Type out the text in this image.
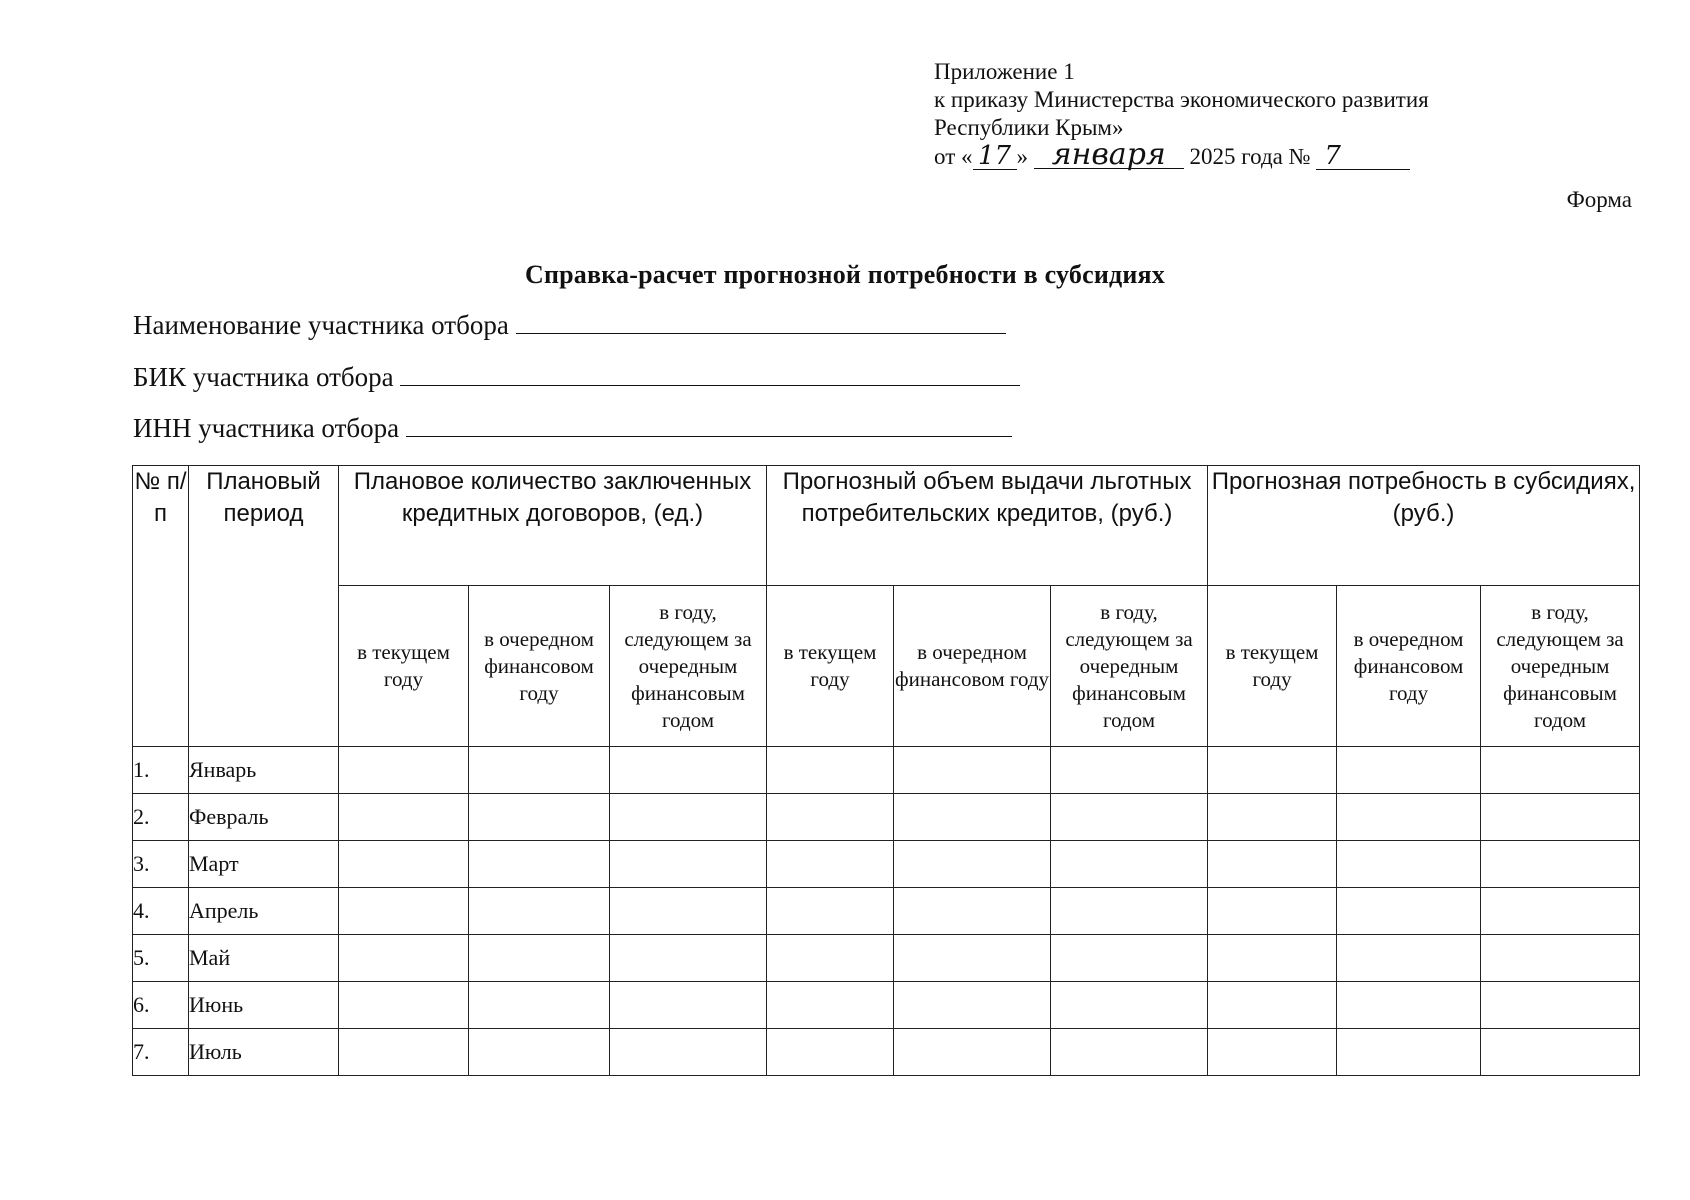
Приложение 1
к приказу Министерства экономического развития
Республики Крым»
от « 17 » января 2025 года № 7
Форма
Справка-расчет прогнозной потребности в субсидиях
Наименование участника отбора
БИК участника отбора
ИНН участника отбора
№ п/п	Плановый период	Плановое количество заключенных кредитных договоров, (ед.)			Прогнозный объем выдачи льготных потребительских кредитов, (руб.)			Прогнозная потребность в субсидиях, (руб.)		
		в текущем году	в очередном финансовом году	в году, следующем за очередным финансовым годом	в текущем году	в очередном финансовом году	в году, следующем за очередным финансовым годом	в текущем году	в очередном финансовом году	в году, следующем за очередным финансовым годом
1.	Январь									
2.	Февраль									
3.	Март									
4.	Апрель									
5.	Май									
6.	Июнь									
7.	Июль									
